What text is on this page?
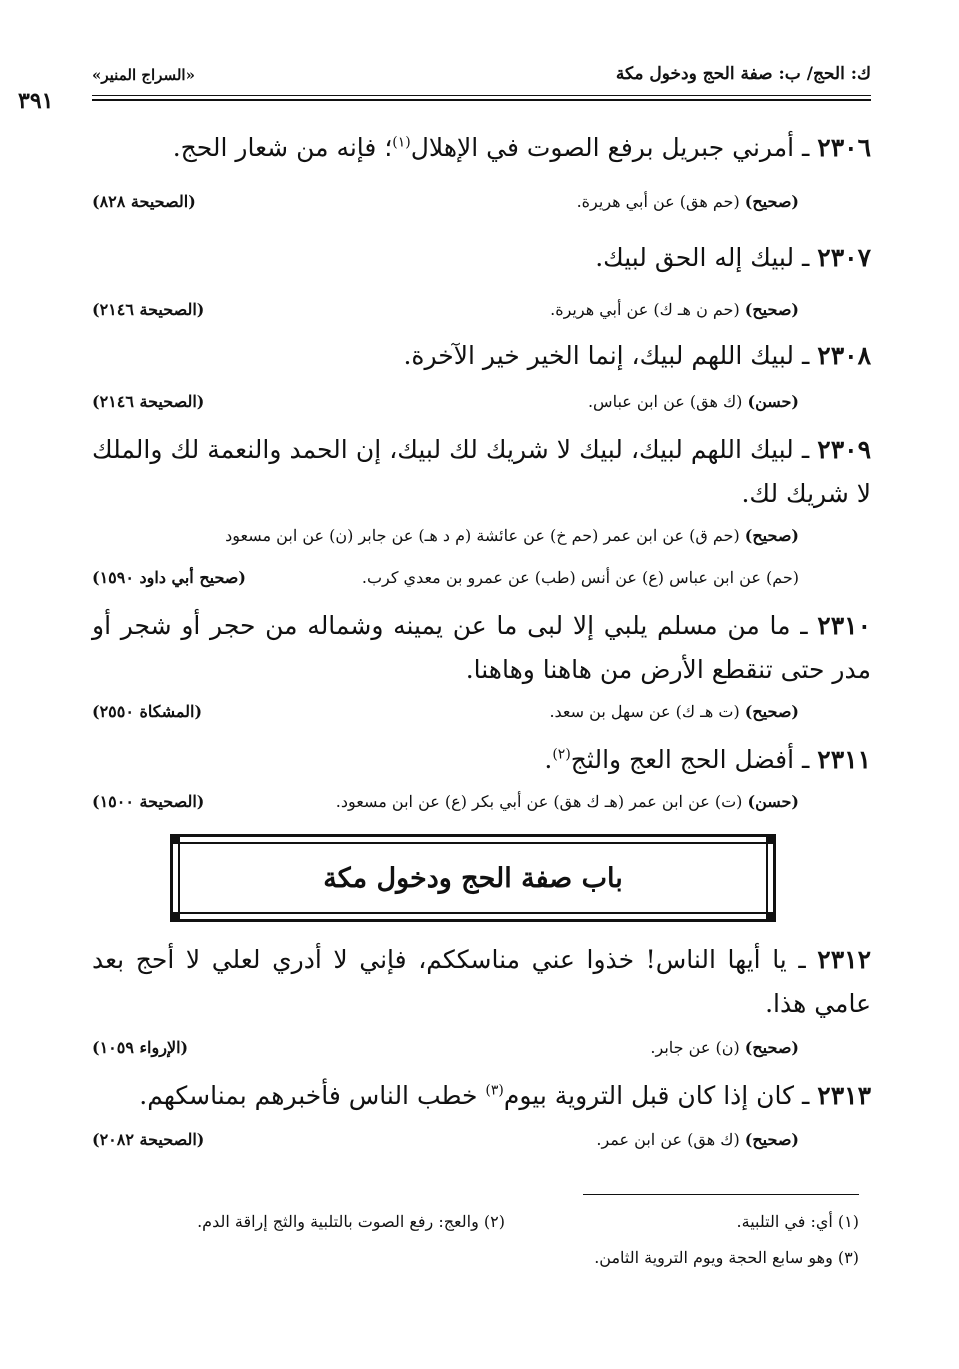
ك: الحج/ ب: صفة الحج ودخول مكة
«السراج المنير»
٣٩١
٢٣٠٦ ـ أمرني جبريل برفع الصوت في الإهلال$^{(١)}$؛ فإنه من شعار الحج.
(صحيح) (حم هق) عن أبي هريرة.
(الصحيحة ٨٢٨)
٢٣٠٧ ـ لبيك إله الحق لبيك.
(صحيح) (حم ن هـ ك) عن أبي هريرة.
(الصحيحة ٢١٤٦)
٢٣٠٨ ـ لبيك اللهم لبيك، إنما الخير خير الآخرة.
(حسن) (ك هق) عن ابن عباس.
(الصحيحة ٢١٤٦)
٢٣٠٩ ـ لبيك اللهم لبيك، لبيك لا شريك لك لبيك، إن الحمد والنعمة لك والملك لا شريك لك.
(صحيح) (حم ق) عن ابن عمر (حم خ) عن عائشة (م د هـ) عن جابر (ن) عن ابن مسعود
(حم) عن ابن عباس (ع) عن أنس (طب) عن عمرو بن معدي كرب.
(صحيح أبي داود ١٥٩٠)
٢٣١٠ ـ ما من مسلم يلبي إلا لبى ما عن يمينه وشماله من حجر أو شجر أو مدر حتى تنقطع الأرض من هاهنا وهاهنا.
(صحيح) (ت هـ ك) عن سهل بن سعد.
(المشكاة ٢٥٥٠)
٢٣١١ ـ أفضل الحج العج والثج$^{(٢)}$.
(حسن) (ت) عن ابن عمر (هـ ك هق) عن أبي بكر (ع) عن ابن مسعود.
(الصحيحة ١٥٠٠)
باب صفة الحج ودخول مكة
٢٣١٢ ـ يا أيها الناس! خذوا عني مناسككم، فإني لا أدري لعلي لا أحج بعد عامي هذا.
(صحيح) (ن) عن جابر.
(الإرواء ١٠٥٩)
٢٣١٣ ـ كان إذا كان قبل التروية بيوم$^{(٣)}$ خطب الناس فأخبرهم بمناسكهم.
(صحيح) (ك هق) عن ابن عمر.
(الصحيحة ٢٠٨٢)
(١) أي: في التلبية.
(٢) والعج: رفع الصوت بالتلبية والثج إراقة الدم.
(٣) وهو سابع الحجة ويوم التروية الثامن.
